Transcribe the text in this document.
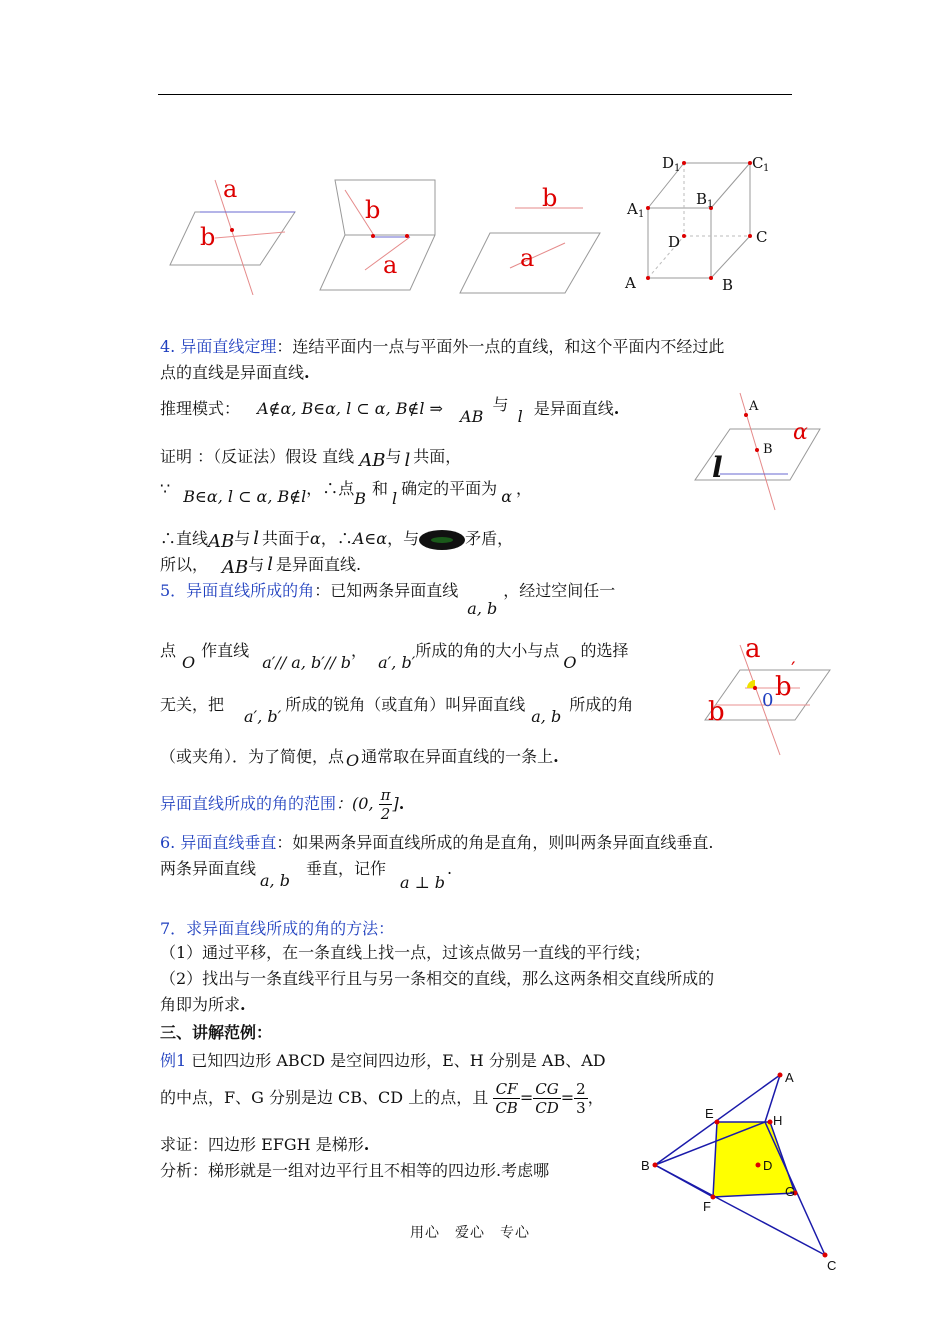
a
b
b
a
b
a
D 1	C 1
A 1
B 1
D	C
A	B
4. 异面直线定理：连结平面内一点与平面外一点的直线，和这个平面内不经过此
点的直线是异面直线.
推理模式： A∉α, B∈α, l ⊂ α, B∉l ⇒ AB 与 l 是异面直线.
证明 ：（反证法）假设 直线 AB与 l 共面，
∵ B∈α, l ⊂ α, B∉l，∴点B和l确定的平面为 α ，
∴直线AB与 l 共面于α，∴A∈α，与	矛盾，
所以， AB与 l 是异面直线.
A
B
α
l
5．异面直线所成的角：已知两条异面直线 a, b，经过空间任一
点O作直线 a′// a, b′// b， a′, b′所成的角的大小与点O的选择
无关，把a′, b′所成的锐角（或直角）叫异面直线a, b所成的角
（或夹角）．为了简便，点 O 通常取在异面直线的一条上.
异面直线所成的角的范围：(0, $\frac{\pi}{2}$ ].
a
b
′
0
b
6. 异面直线垂直：如果两条异面直线所成的角是直角，则叫两条异面直线垂直.
两条异面直线a, b垂直，记作a ⊥ b.
7．求异面直线所成的角的方法：
（1）通过平移，在一条直线上找一点，过该点做另一直线的平行线；
（2）找出与一条直线平行且与另一条相交的直线，那么这两条相交直线所成的
角即为所求.
三、讲解范例：
例1 已知四边形 ABCD 是空间四边形，E、H 分别是 AB、AD
的中点，F、G 分别是边 CB、CD 上的点，且 $\frac{CF}{CB} = \frac{CG}{CD} = \frac{2}{3}$ ，
求证：四边形 EFGH 是梯形.
分析：梯形就是一组对边平行且不相等的四边形.考虑哪
A
B
C
D
E
F
G
H
用心　爱心　专心
